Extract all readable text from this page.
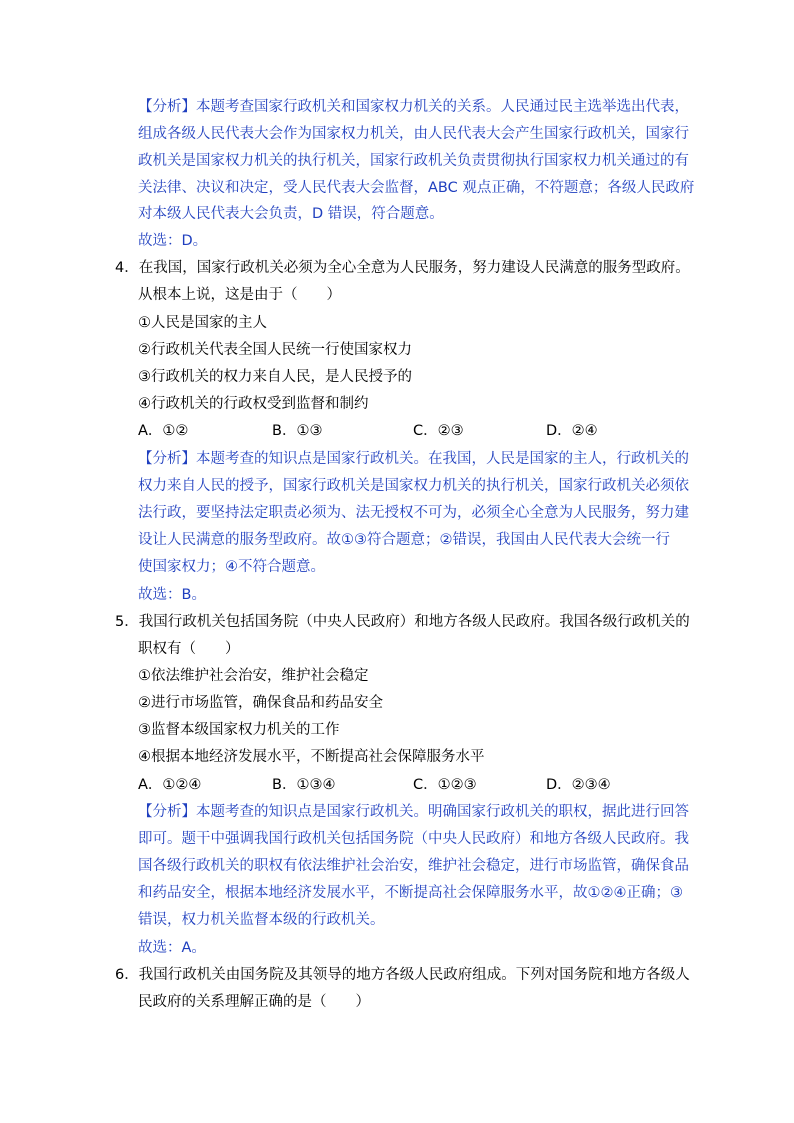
【分析】本题考查国家行政机关和国家权力机关的关系。人民通过民主选举选出代表，
组成各级人民代表大会作为国家权力机关，由人民代表大会产生国家行政机关，国家行
政机关是国家权力机关的执行机关，国家行政机关负责贯彻执行国家权力机关通过的有
关法律、决议和决定，受人民代表大会监督，ABC 观点正确，不符题意；各级人民政府
对本级人民代表大会负责，D 错误，符合题意。
故选：D。
4．在我国，国家行政机关必须为全心全意为人民服务，努力建设人民满意的服务型政府。
从根本上说，这是由于（　　）
①人民是国家的主人
②行政机关代表全国人民统一行使国家权力
③行政机关的权力来自人民，是人民授予的
④行政机关的行政权受到监督和制约
A．①②	B．①③	C．②③	D．②④
【分析】本题考查的知识点是国家行政机关。在我国，人民是国家的主人，行政机关的
权力来自人民的授予，国家行政机关是国家权力机关的执行机关，国家行政机关必须依
法行政，要坚持法定职责必须为、法无授权不可为，必须全心全意为人民服务，努力建
设让人民满意的服务型政府。故①③符合题意；②错误，我国由人民代表大会统一行
使国家权力；④不符合题意。
故选：B。
5．我国行政机关包括国务院（中央人民政府）和地方各级人民政府。我国各级行政机关的
职权有（　　）
①依法维护社会治安，维护社会稳定
②进行市场监管，确保食品和药品安全
③监督本级国家权力机关的工作
④根据本地经济发展水平，不断提高社会保障服务水平
A．①②④	B．①③④	C．①②③	D．②③④
【分析】本题考查的知识点是国家行政机关。明确国家行政机关的职权，据此进行回答
即可。题干中强调我国行政机关包括国务院（中央人民政府）和地方各级人民政府。我
国各级行政机关的职权有依法维护社会治安，维护社会稳定，进行市场监管，确保食品
和药品安全，根据本地经济发展水平，不断提高社会保障服务水平，故①②④正确；③
错误，权力机关监督本级的行政机关。
故选：A。
6．我国行政机关由国务院及其领导的地方各级人民政府组成。下列对国务院和地方各级人
民政府的关系理解正确的是（　　）
